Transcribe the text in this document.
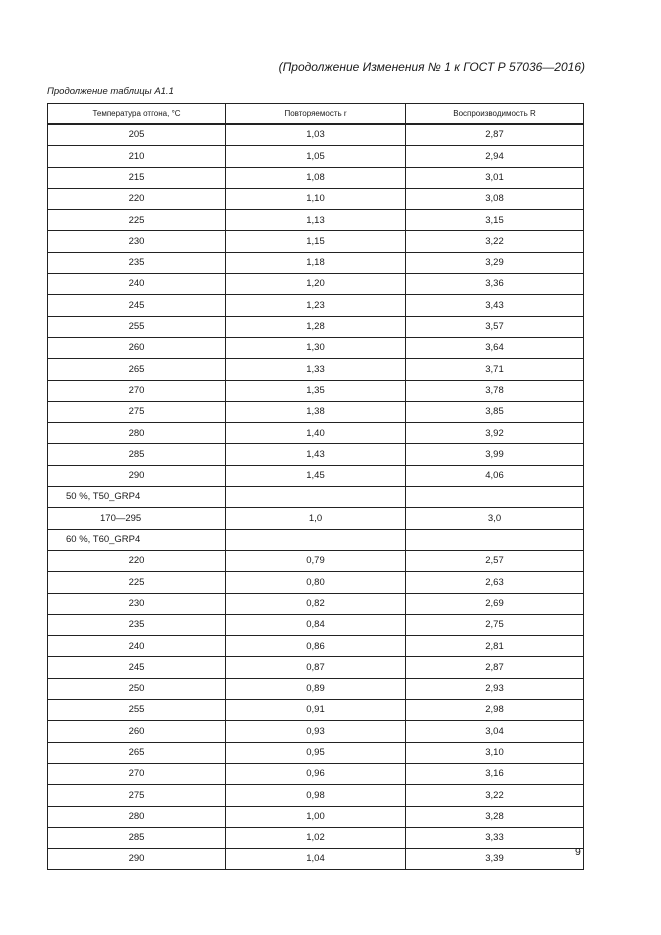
(Продолжение Изменения № 1 к ГОСТ Р 57036—2016)
Продолжение таблицы А1.1
Температура отгона, °С	Повторяемость r	Воспроизводимость R
205	1,03	2,87
210	1,05	2,94
215	1,08	3,01
220	1,10	3,08
225	1,13	3,15
230	1,15	3,22
235	1,18	3,29
240	1,20	3,36
245	1,23	3,43
255	1,28	3,57
260	1,30	3,64
265	1,33	3,71
270	1,35	3,78
275	1,38	3,85
280	1,40	3,92
285	1,43	3,99
290	1,45	4,06
50 %, T50_GRP4		
170—295	1,0	3,0
60 %, T60_GRP4		
220	0,79	2,57
225	0,80	2,63
230	0,82	2,69
235	0,84	2,75
240	0,86	2,81
245	0,87	2,87
250	0,89	2,93
255	0,91	2,98
260	0,93	3,04
265	0,95	3,10
270	0,96	3,16
275	0,98	3,22
280	1,00	3,28
285	1,02	3,33
290	1,04	3,39
9
